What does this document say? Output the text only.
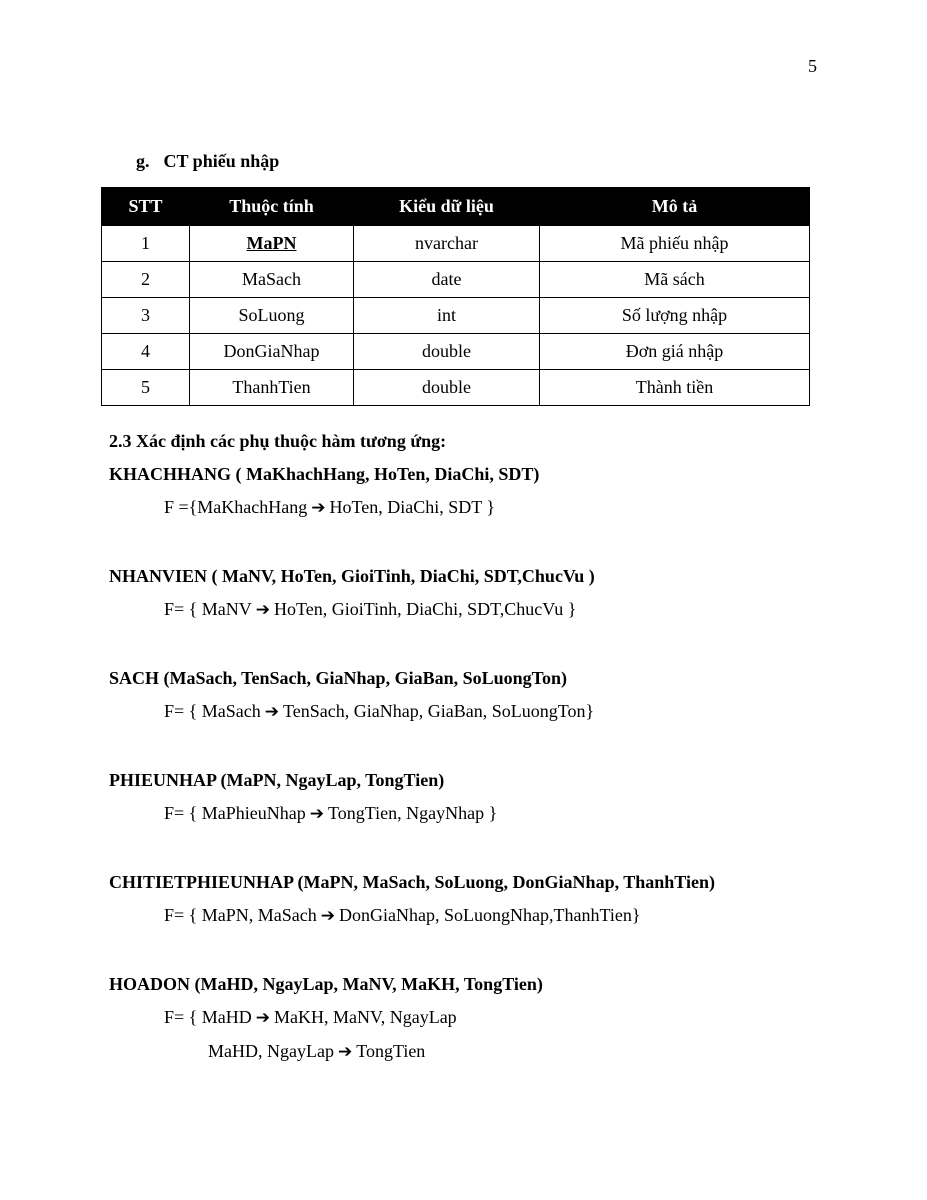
5
g. CT phiếu nhập
STT	Thuộc tính	Kiểu dữ liệu	Mô tả
1	MaPN	nvarchar	Mã phiếu nhập
2	MaSach	date	Mã sách
3	SoLuong	int	Số lượng nhập
4	DonGiaNhap	double	Đơn giá nhập
5	ThanhTien	double	Thành tiền
2.3 Xác định các phụ thuộc hàm tương ứng:
KHACHHANG ( MaKhachHang, HoTen, DiaChi, SDT)
F ={MaKhachHang ➔ HoTen, DiaChi, SDT }
NHANVIEN ( MaNV, HoTen, GioiTinh, DiaChi, SDT,ChucVu )
F= { MaNV ➔ HoTen, GioiTinh, DiaChi, SDT,ChucVu }
SACH (MaSach, TenSach, GiaNhap, GiaBan, SoLuongTon)
F= { MaSach ➔ TenSach, GiaNhap, GiaBan, SoLuongTon}
PHIEUNHAP (MaPN, NgayLap, TongTien)
F= { MaPhieuNhap ➔ TongTien, NgayNhap }
CHITIETPHIEUNHAP (MaPN, MaSach, SoLuong, DonGiaNhap, ThanhTien)
F= { MaPN, MaSach ➔ DonGiaNhap, SoLuongNhap,ThanhTien}
HOADON (MaHD, NgayLap, MaNV, MaKH, TongTien)
F= { MaHD ➔ MaKH, MaNV, NgayLap
MaHD, NgayLap ➔ TongTien
